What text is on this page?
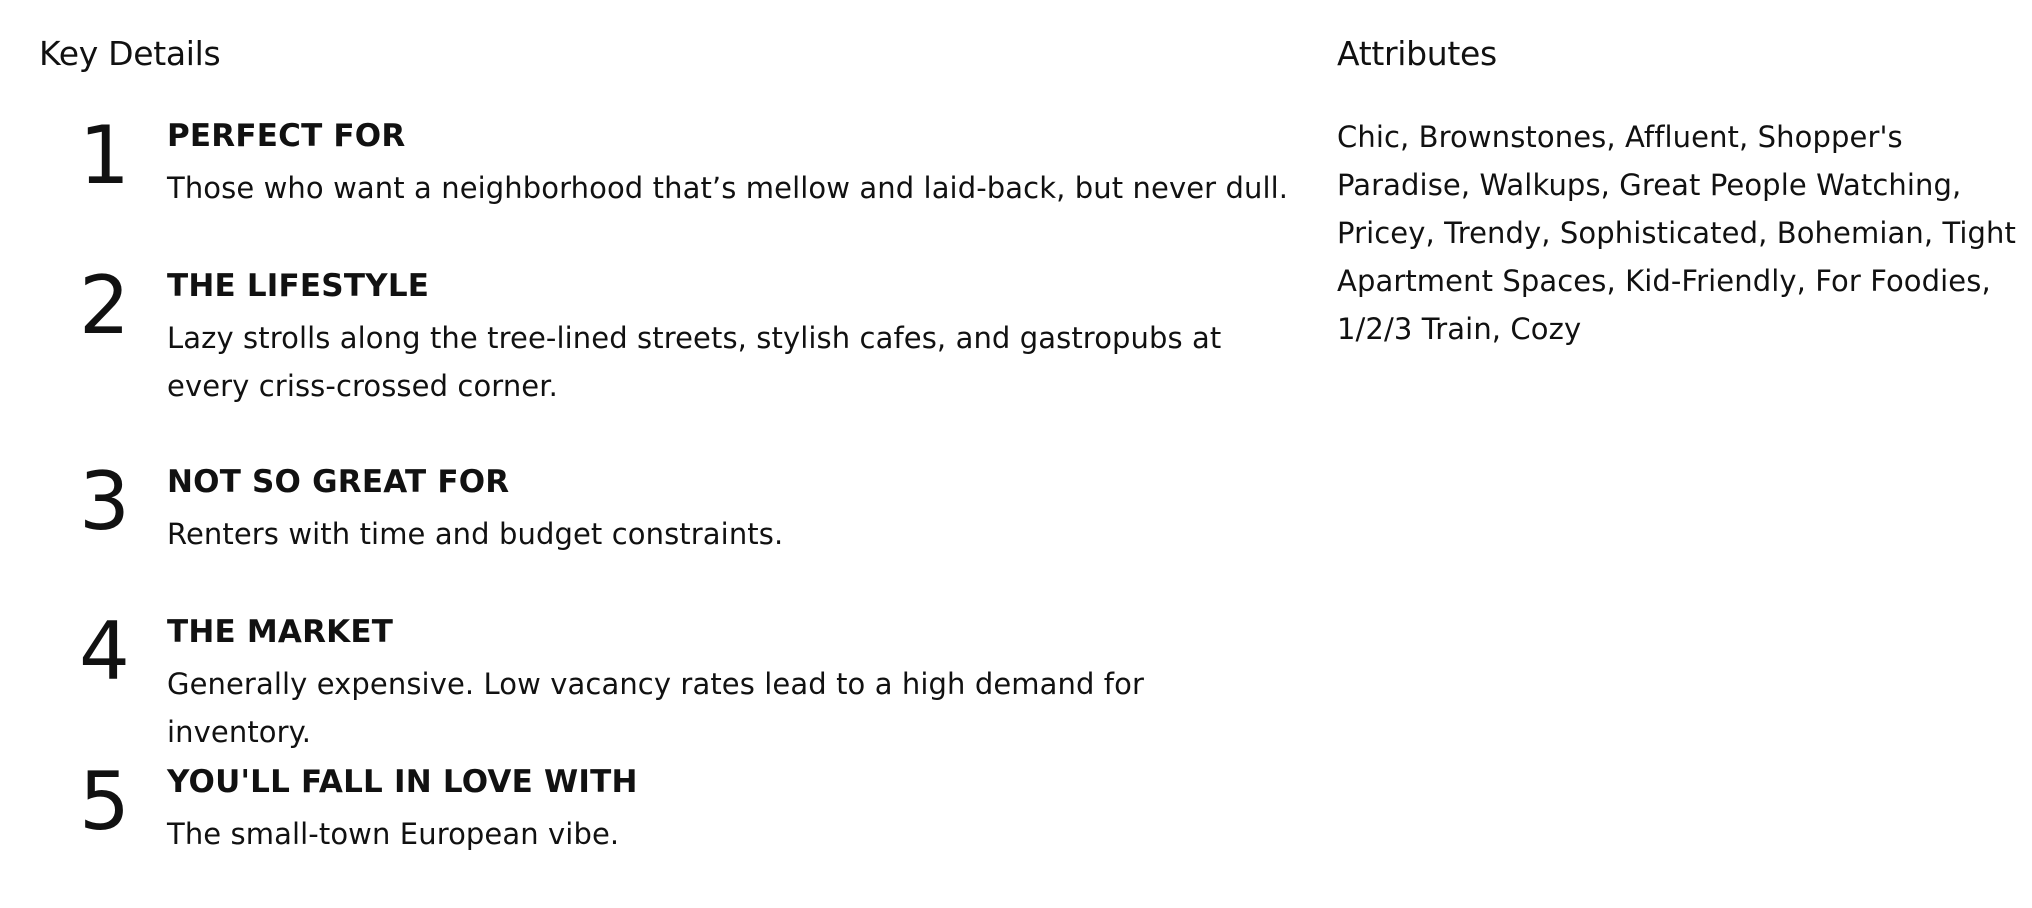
Key Details
1	PERFECT FOR

Those who want a neighborhood that’s mellow and laid-back, but never dull.

2	THE LIFESTYLE

Lazy strolls along the tree-lined streets, stylish cafes, and gastropubs at every criss-crossed corner.

3	NOT SO GREAT FOR

Renters with time and budget constraints.

4	THE MARKET

Generally expensive. Low vacancy rates lead to a high demand for inventory.

5	YOU'LL FALL IN LOVE WITH

The small-town European vibe.

Attributes

Chic, Brownstones, Affluent, Shopper's Paradise, Walkups, Great People Watching, Pricey, Trendy, Sophisticated, Bohemian, Tight Apartment Spaces, Kid-Friendly, For Foodies, 1/2/3 Train, Cozy
